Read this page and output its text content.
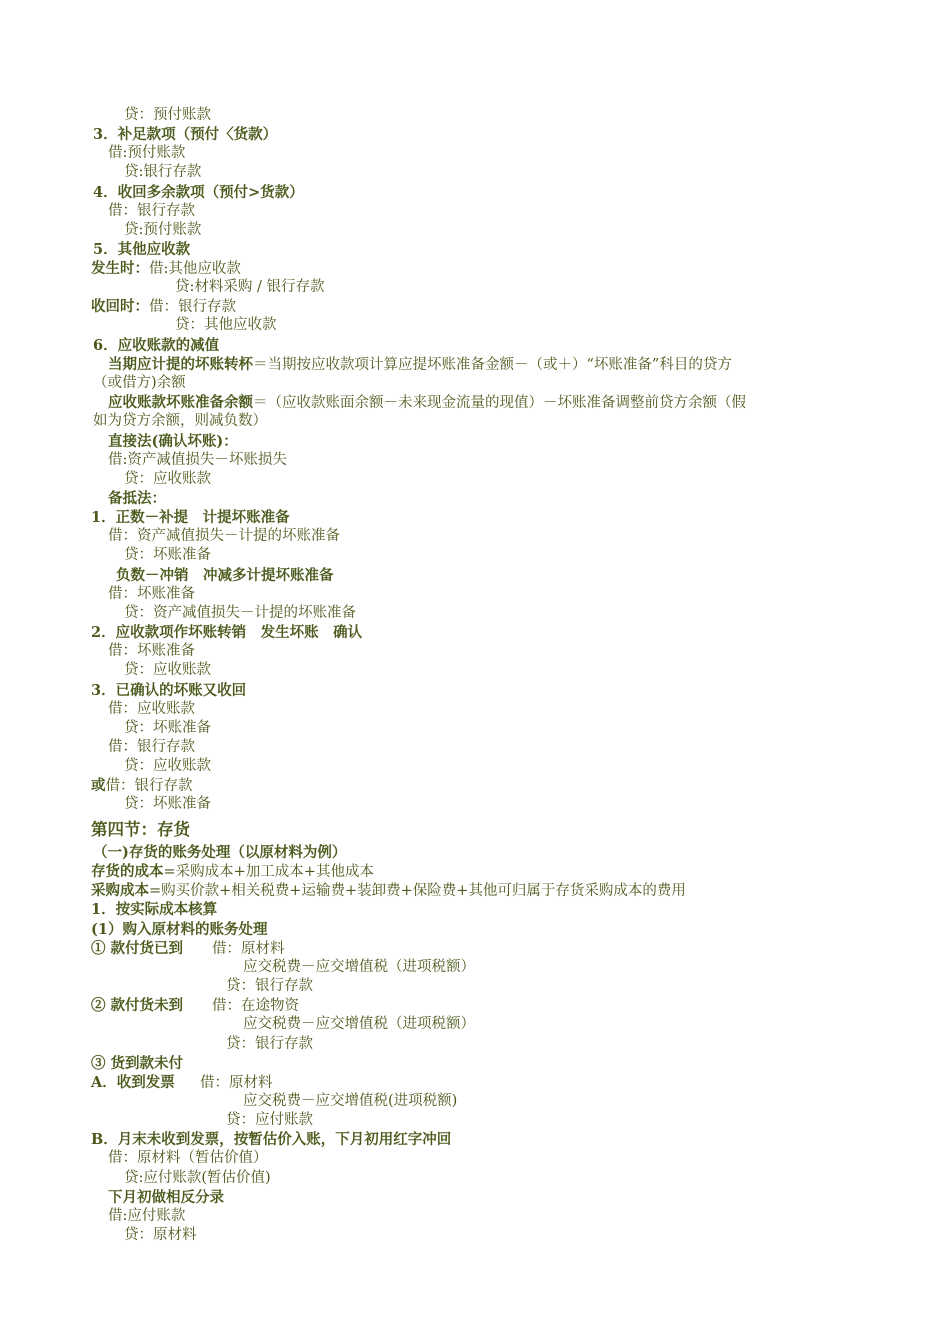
贷：预付账款
3．补足款项（预付〈货款）
借:预付账款
贷:银行存款
4．收回多余款项（预付>货款）
借：银行存款
贷:预付账款
5．其他应收款
发生时：借:其他应收款
贷:材料采购 / 银行存款
收回时：借：银行存款
贷：其他应收款
6．应收账款的减值
当期应计提的坏账转杯＝当期按应收款项计算应提坏账准备金额－（或＋）“坏账准备”科目的贷方
（或借方)余额
应收账款坏账准备余额＝（应收款账面余额－未来现金流量的现值）－坏账准备调整前贷方余额（假
如为贷方余额，则减负数）
直接法(确认坏账)：
借:资产减值损失－坏账损失
贷：应收账款
备抵法：
1．正数－补提　计提坏账准备
借：资产减值损失－计提的坏账准备
贷：坏账准备
负数－冲销　冲减多计提坏账准备
借：坏账准备
贷：资产减值损失－计提的坏账准备
2．应收款项作坏账转销　发生坏账　确认
借：坏账准备
贷：应收账款
3．已确认的坏账又收回
借：应收账款
贷：坏账准备
借：银行存款
贷：应收账款
或借：银行存款
贷：坏账准备
第四节：存货
（一)存货的账务处理（以原材料为例）
存货的成本=采购成本+加工成本+其他成本
采购成本=购买价款+相关税费+运输费+装卸费+保险费+其他可归属于存货采购成本的费用
1．按实际成本核算
(1）购入原材料的账务处理
① 款付货已到 借：原材料
应交税费－应交增值税（进项税额）
贷：银行存款
② 款付货未到 借：在途物资
应交税费－应交增值税（进项税额）
贷：银行存款
③ 货到款未付
A．收到发票 借：原材料
应交税费－应交增值税(进项税额)
贷：应付账款
B．月末未收到发票，按暂估价入账，下月初用红字冲回
借：原材料（暂估价值）
贷:应付账款(暂估价值)
下月初做相反分录
借:应付账款
贷：原材料
